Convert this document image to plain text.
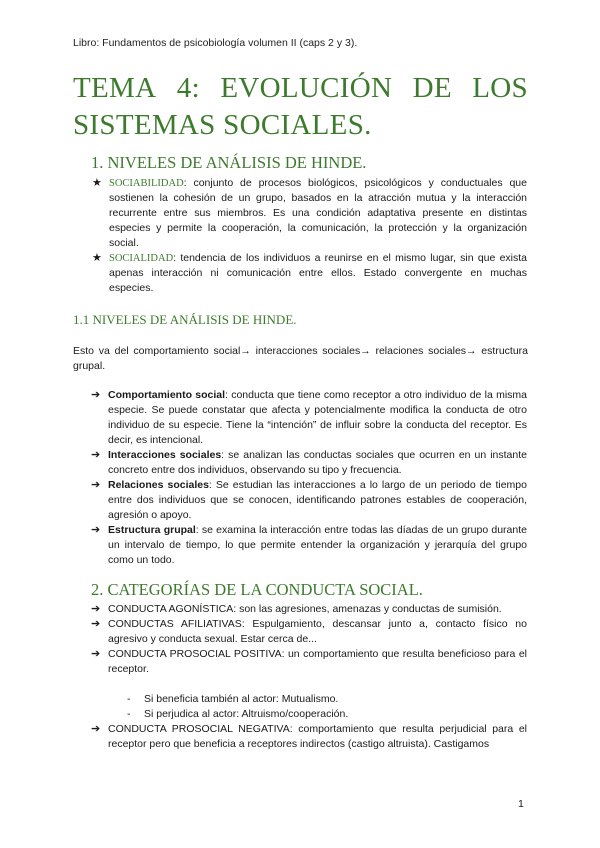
Libro: Fundamentos de psicobiología volumen II (caps 2 y 3).
TEMA 4: EVOLUCIÓN DE LOS
SISTEMAS SOCIALES.
1. NIVELES DE ANÁLISIS DE HINDE.
★ SOCIABILIDAD: conjunto de procesos biológicos, psicológicos y conductuales que sostienen la cohesión de un grupo, basados en la atracción mutua y la interacción recurrente entre sus miembros. Es una condición adaptativa presente en distintas especies y permite la cooperación, la comunicación, la protección y la organización social.
★ SOCIALIDAD: tendencia de los individuos a reunirse en el mismo lugar, sin que exista apenas interacción ni comunicación entre ellos. Estado convergente en muchas especies.
1.1 NIVELES DE ANÁLISIS DE HINDE.
Esto va del comportamiento social→ interacciones sociales→ relaciones sociales→ estructura grupal.
➔ Comportamiento social: conducta que tiene como receptor a otro individuo de la misma especie. Se puede constatar que afecta y potencialmente modifica la conducta de otro individuo de su especie. Tiene la “intención” de influir sobre la conducta del receptor. Es decir, es intencional.
➔ Interacciones sociales: se analizan las conductas sociales que ocurren en un instante concreto entre dos individuos, observando su tipo y frecuencia.
➔ Relaciones sociales: Se estudian las interacciones a lo largo de un periodo de tiempo entre dos individuos que se conocen, identificando patrones estables de cooperación, agresión o apoyo.
➔ Estructura grupal: se examina la interacción entre todas las díadas de un grupo durante un intervalo de tiempo, lo que permite entender la organización y jerarquía del grupo como un todo.
2. CATEGORÍAS DE LA CONDUCTA SOCIAL.
➔ CONDUCTA AGONÍSTICA: son las agresiones, amenazas y conductas de sumisión.
➔ CONDUCTAS AFILIATIVAS: Espulgamiento, descansar junto a, contacto físico no agresivo y conducta sexual. Estar cerca de...
➔ CONDUCTA PROSOCIAL POSITIVA: un comportamiento que resulta beneficioso para el receptor.
- Si beneficia también al actor: Mutualismo.
- Si perjudica al actor: Altruismo/cooperación.
➔ CONDUCTA PROSOCIAL NEGATIVA: comportamiento que resulta perjudicial para el receptor pero que beneficia a receptores indirectos (castigo altruista). Castigamos
1
